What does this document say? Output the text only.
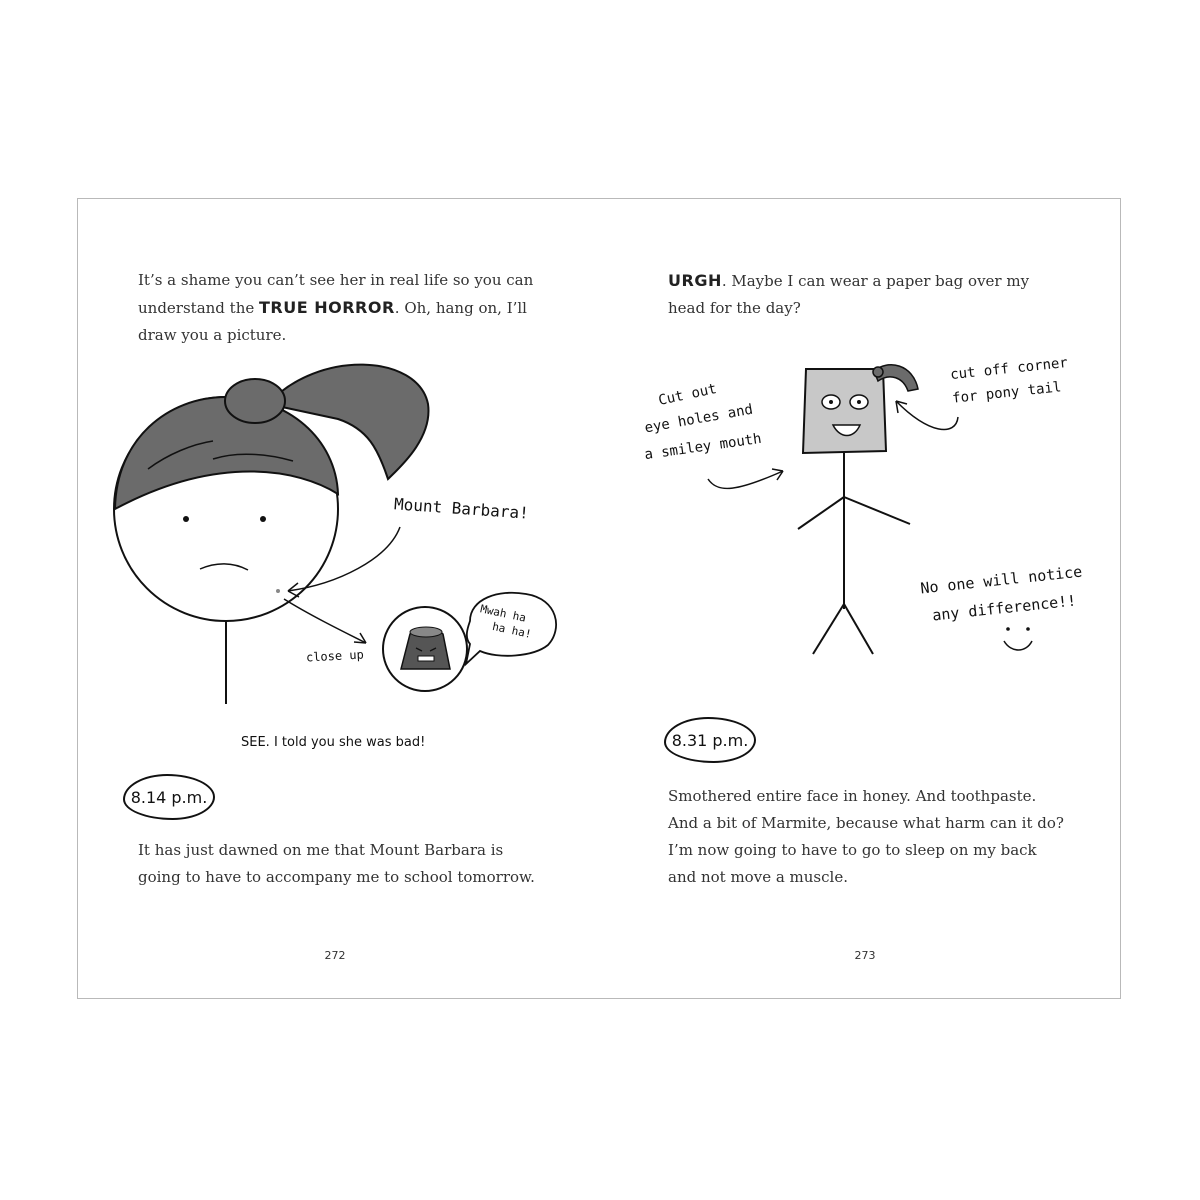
It’s a shame you can’t see her in real life so you can understand the TRUE HORROR. Oh, hang on, I’ll draw you a picture.
Mount Barbara!
close up
Mwah ha
ha ha!
SEE. I told you she was bad!
8.14 p.m.
It has just dawned on me that Mount Barbara is going to have to accompany me to school tomorrow.
272
URGH. Maybe I can wear a paper bag over my head for the day?
Cut out
eye holes and
a smiley mouth
cut off corner
for pony tail
No one will notice
any difference!!
8.31 p.m.
Smothered entire face in honey. And toothpaste. And a bit of Marmite, because what harm can it do? I’m now going to have to go to sleep on my back and not move a muscle.
273
